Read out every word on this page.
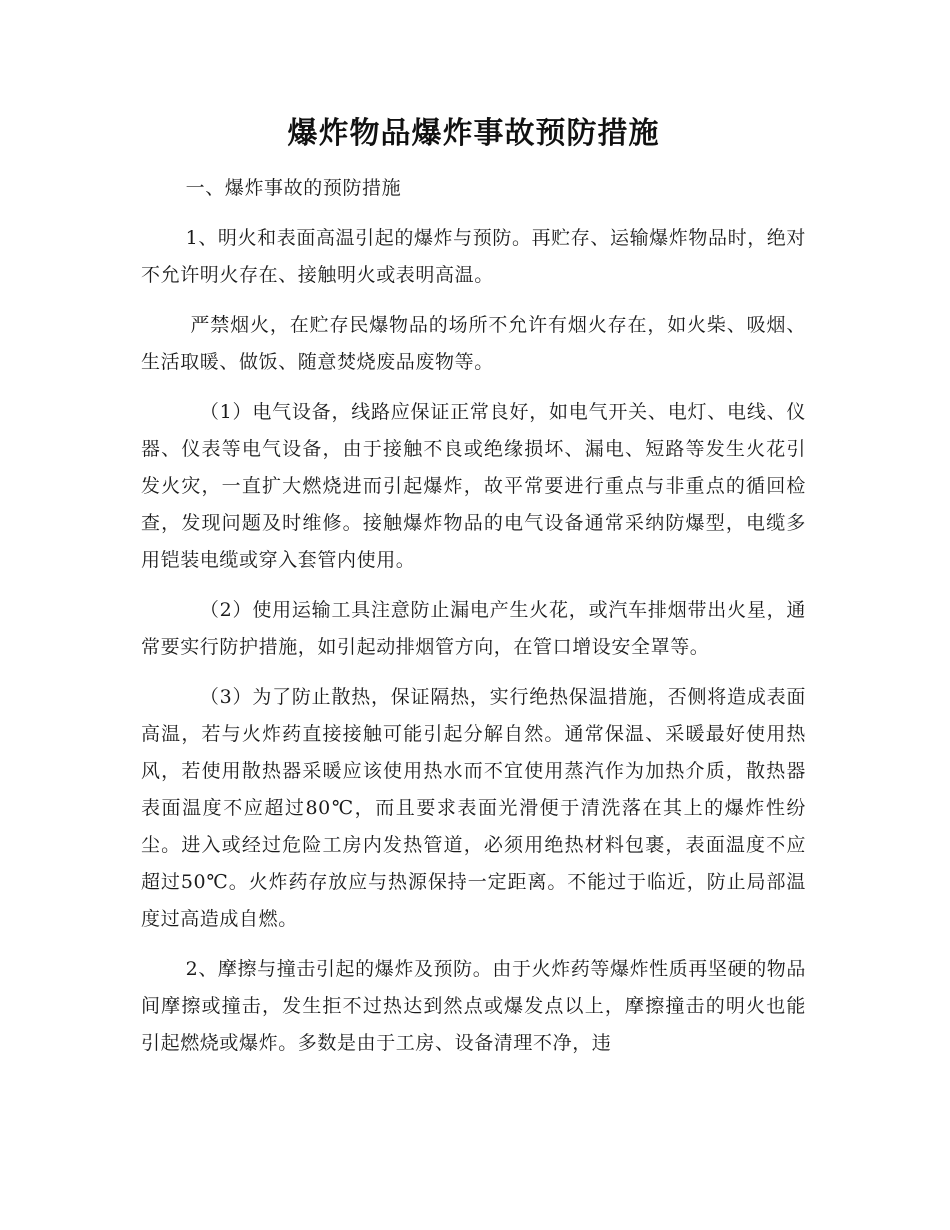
爆炸物品爆炸事故预防措施

一、爆炸事故的预防措施

1、明火和表面高温引起的爆炸与预防。再贮存、运输爆炸物品时，绝对不允许明火存在、接触明火或表明高温。

严禁烟火，在贮存民爆物品的场所不允许有烟火存在，如火柴、吸烟、生活取暖、做饭、随意焚烧废品废物等。

（1）电气设备，线路应保证正常良好，如电气开关、电灯、电线、仪器、仪表等电气设备，由于接触不良或绝缘损坏、漏电、短路等发生火花引发火灾，一直扩大燃烧进而引起爆炸，故平常要进行重点与非重点的循回检查，发现问题及时维修。接触爆炸物品的电气设备通常采纳防爆型，电缆多用铠装电缆或穿入套管内使用。

（2）使用运输工具注意防止漏电产生火花，或汽车排烟带出火星，通常要实行防护措施，如引起动排烟管方向，在管口增设安全罩等。

（3）为了防止散热，保证隔热，实行绝热保温措施，否侧将造成表面高温，若与火炸药直接接触可能引起分解自然。通常保温、采暖最好使用热风，若使用散热器采暖应该使用热水而不宜使用蒸汽作为加热介质，散热器表面温度不应超过80℃，而且要求表面光滑便于清洗落在其上的爆炸性纷尘。进入或经过危险工房内发热管道，必须用绝热材料包裹，表面温度不应超过50℃。火炸药存放应与热源保持一定距离。不能过于临近，防止局部温度过高造成自燃。

2、摩擦与撞击引起的爆炸及预防。由于火炸药等爆炸性质再坚硬的物品间摩擦或撞击，发生拒不过热达到然点或爆发点以上，摩擦撞击的明火也能引起燃烧或爆炸。多数是由于工房、设备清理不净，违
